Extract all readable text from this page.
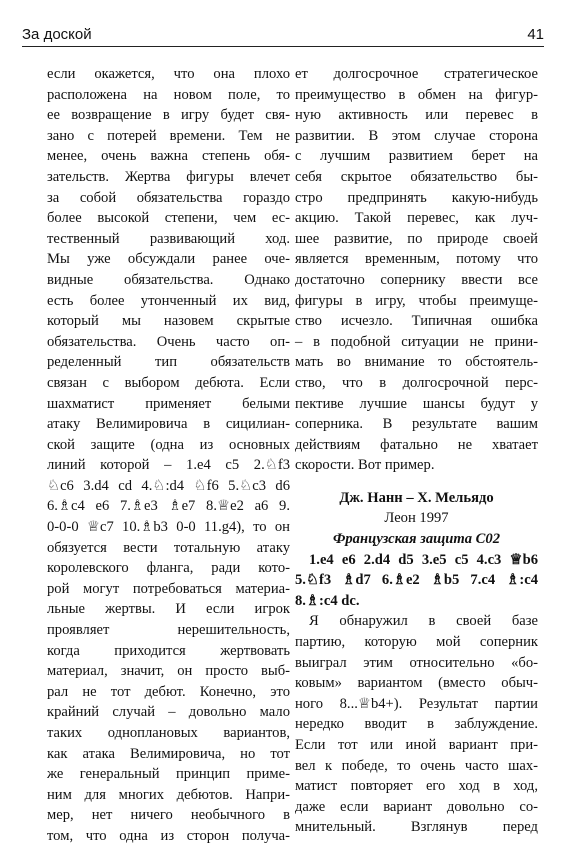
За доской	41
если окажется, что она плохо
расположена на новом поле, то
ее возвращение в игру будет свя-
зано с потерей времени. Тем не
менее, очень важна степень обя-
зательств. Жертва фигуры влечет
за собой обязательства гораздо
более высокой степени, чем ес-
тественный развивающий ход.
Мы уже обсуждали ранее оче-
видные обязательства. Однако
есть более утонченный их вид,
который мы назовем скрытые
обязательства. Очень часто оп-
ределенный тип обязательств
связан с выбором дебюта. Если
шахматист применяет белыми
атаку Велимировича в сицилиан-
ской защите (одна из основных
линий которой – 1.e4 c5 2.♘f3
♘c6 3.d4 cd 4.♘:d4 ♘f6 5.♘c3 d6
6.♗c4 e6 7.♗e3 ♗e7 8.♕e2 a6 9.
0-0-0 ♕c7 10.♗b3 0-0 11.g4), то он
обязуется вести тотальную атаку
королевского фланга, ради кото-
рой могут потребоваться материа-
льные жертвы. И если игрок
проявляет нерешительность,
когда приходится жертвовать
материал, значит, он просто выб-
рал не тот дебют. Конечно, это
крайний случай – довольно мало
таких одноплановых вариантов,
как атака Велимировича, но тот
же генеральный принцип приме-
ним для многих дебютов. Напри-
мер, нет ничего необычного в
том, что одна из сторон получа-
ет долгосрочное стратегическое
преимущество в обмен на фигур-
ную активность или перевес в
развитии. В этом случае сторона
с лучшим развитием берет на
себя скрытое обязательство бы-
стро предпринять какую-нибудь
акцию. Такой перевес, как луч-
шее развитие, по природе своей
является временным, потому что
достаточно сопернику ввести все
фигуры в игру, чтобы преимуще-
ство исчезло. Типичная ошибка
– в подобной ситуации не прини-
мать во внимание то обстоятель-
ство, что в долгосрочной перс-
пективе лучшие шансы будут у
соперника. В результате вашим
действиям фатально не хватает
скорости. Вот пример.
Дж. Нанн – Х. Мельядо
Леон 1997
Французская защита С02
1.e4 e6 2.d4 d5 3.e5 c5 4.c3 ♕b6
5.♘f3 ♗d7 6.♗e2 ♗b5 7.c4 ♗:c4
8.♗:c4 dc.
Я обнаружил в своей базе
партию, которую мой соперник
выиграл этим относительно «бо-
ковым» вариантом (вместо обыч-
ного 8...♕b4+). Результат партии
нередко вводит в заблуждение.
Если тот или иной вариант при-
вел к победе, то очень часто шах-
матист повторяет его ход в ход,
даже если вариант довольно со-
мнительный. Взглянув перед
